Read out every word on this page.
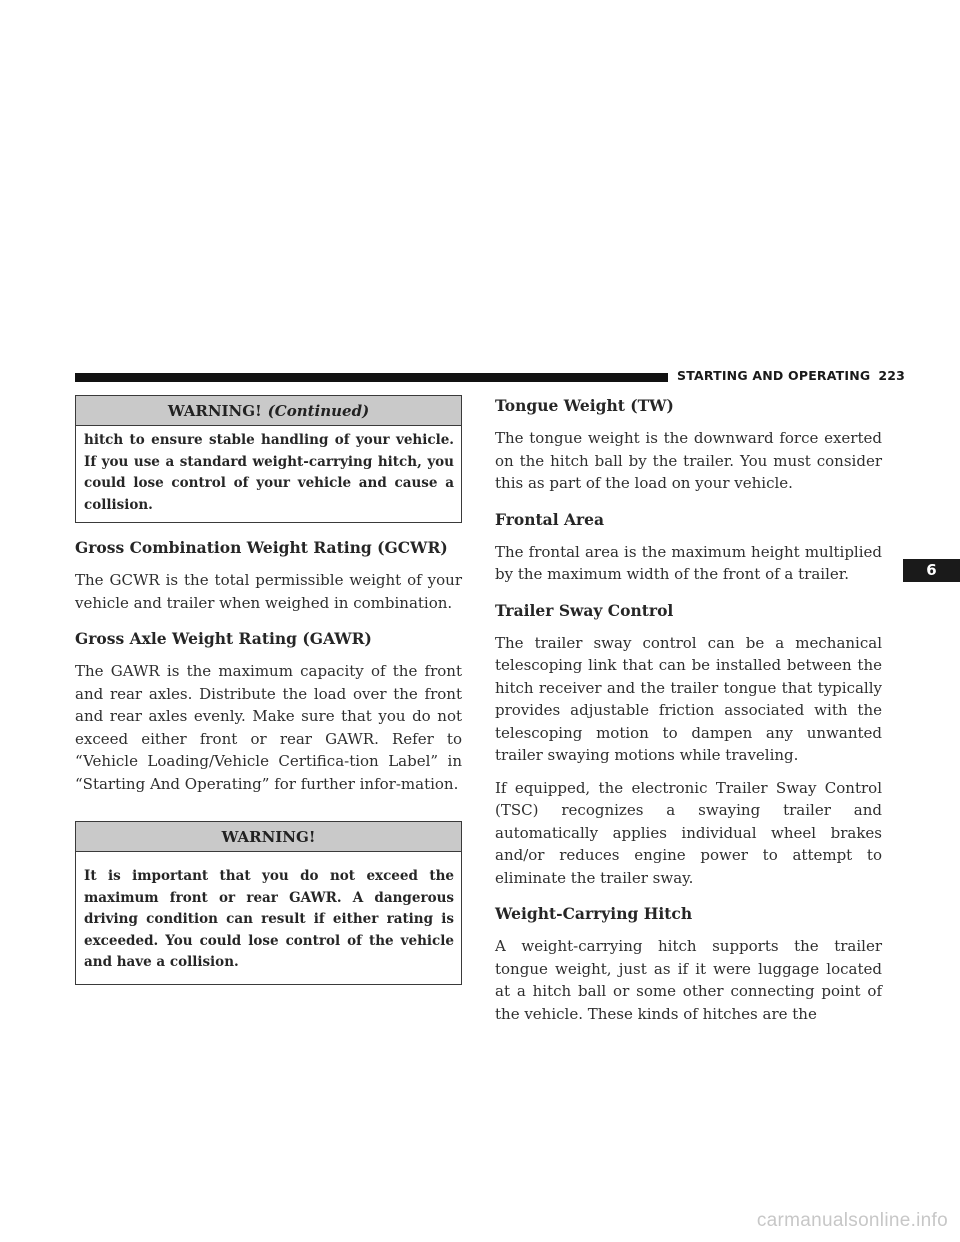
STARTING AND OPERATING 223
WARNING! (Continued)
hitch to ensure stable handling of your vehicle. If you use a standard weight-carrying hitch, you could lose control of your vehicle and cause a collision.
Gross Combination Weight Rating (GCWR)

The GCWR is the total permissible weight of your vehicle and trailer when weighed in combination.

Gross Axle Weight Rating (GAWR)

The GAWR is the maximum capacity of the front and rear axles. Distribute the load over the front and rear axles evenly. Make sure that you do not exceed either front or rear GAWR. Refer to “Vehicle Loading/Vehicle Certifica-tion Label” in “Starting And Operating” for further infor-mation.

WARNING!
It is important that you do not exceed the maximum front or rear GAWR. A dangerous driving condition can result if either rating is exceeded. You could lose control of the vehicle and have a collision.
Tongue Weight (TW)

The tongue weight is the downward force exerted on the hitch ball by the trailer. You must consider this as part of the load on your vehicle.

Frontal Area

The frontal area is the maximum height multiplied by the maximum width of the front of a trailer.

Trailer Sway Control

The trailer sway control can be a mechanical telescoping link that can be installed between the hitch receiver and the trailer tongue that typically provides adjustable friction associated with the telescoping motion to dampen any unwanted trailer swaying motions while traveling.

If equipped, the electronic Trailer Sway Control (TSC) recognizes a swaying trailer and automatically applies individual wheel brakes and/or reduces engine power to attempt to eliminate the trailer sway.

Weight-Carrying Hitch

A weight-carrying hitch supports the trailer tongue weight, just as if it were luggage located at a hitch ball or some other connecting point of the vehicle. These kinds of hitches are the

6
carmanualsonline.info
